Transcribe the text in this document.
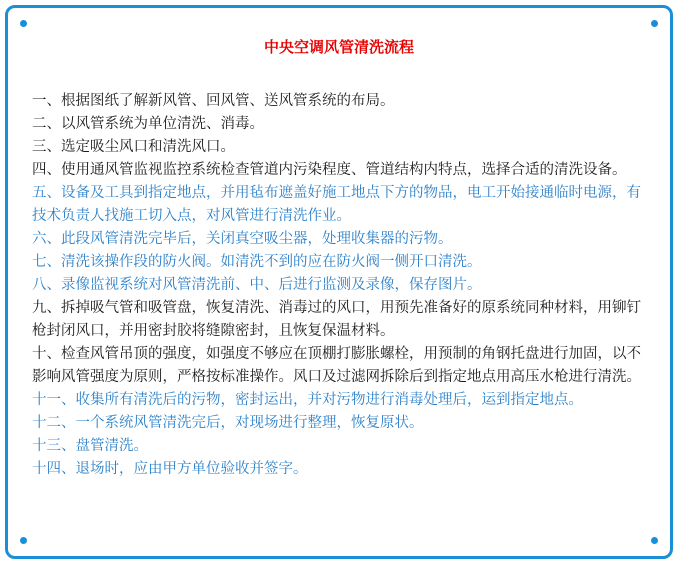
中央空调风管清洗流程

一、根据图纸了解新风管、回风管、送风管系统的布局。

二、以风管系统为单位清洗、消毒。

三、选定吸尘风口和清洗风口。

四、使用通风管监视监控系统检查管道内污染程度、管道结构内特点，选择合适的清洗设备。

五、设备及工具到指定地点，并用毡布遮盖好施工地点下方的物品，电工开始接通临时电源，有技术负责人找施工切入点，对风管进行清洗作业。

六、此段风管清洗完毕后，关闭真空吸尘器，处理收集器的污物。

七、清洗该操作段的防火阀。如清洗不到的应在防火阀一侧开口清洗。

八、录像监视系统对风管清洗前、中、后进行监测及录像，保存图片。

九、拆掉吸气管和吸管盘，恢复清洗、消毒过的风口，用预先准备好的原系统同种材料，用铆钉枪封闭风口，并用密封胶将缝隙密封，且恢复保温材料。

十、检查风管吊顶的强度，如强度不够应在顶棚打膨胀螺栓，用预制的角钢托盘进行加固，以不影响风管强度为原则，严格按标准操作。风口及过滤网拆除后到指定地点用高压水枪进行清洗。

十一、收集所有清洗后的污物，密封运出，并对污物进行消毒处理后，运到指定地点。

十二、一个系统风管清洗完后，对现场进行整理，恢复原状。

十三、盘管清洗。

十四、退场时，应由甲方单位验收并签字。
